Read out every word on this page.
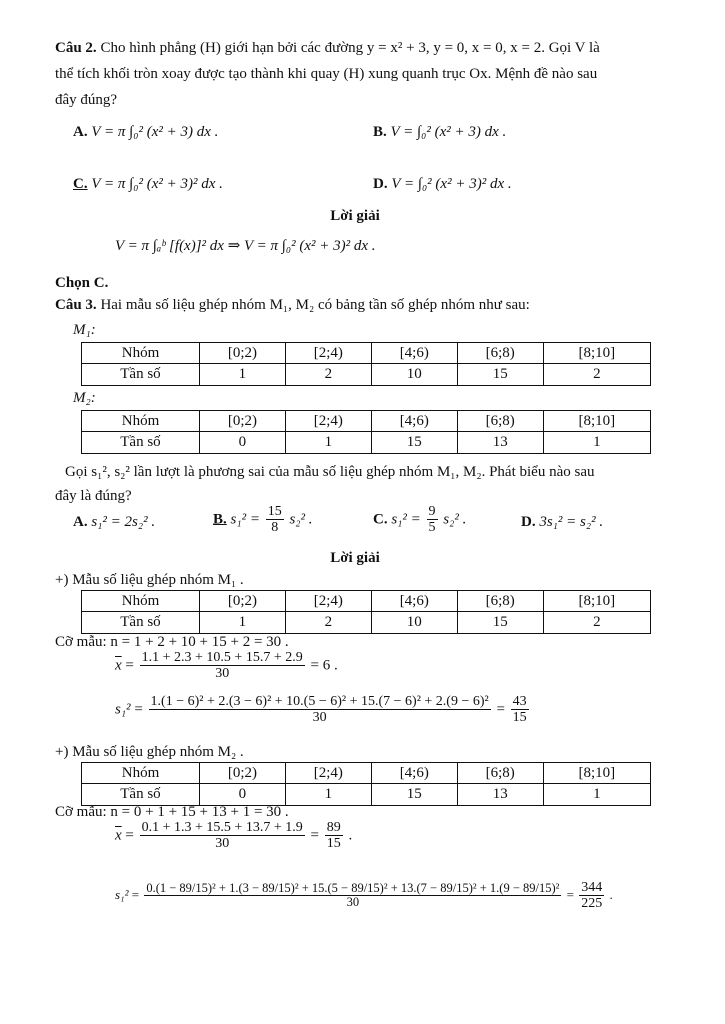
Câu 2. Cho hình phẳng (H) giới hạn bởi các đường y = x² + 3, y = 0, x = 0, x = 2. Gọi V là
thể tích khối tròn xoay được tạo thành khi quay (H) xung quanh trục Ox. Mệnh đề nào sau
đây đúng?
A. V = π ∫₀² (x² + 3) dx .	B. V = ∫₀² (x² + 3) dx .
C. V = π ∫₀² (x² + 3)² dx .	D. V = ∫₀² (x² + 3)² dx .
Lời giải
V = π ∫ₐᵇ [f(x)]² dx ⇒ V = π ∫₀² (x² + 3)² dx .
Chọn C.
Câu 3. Hai mẫu số liệu ghép nhóm M₁, M₂ có bảng tần số ghép nhóm như sau:
M₁:
Nhóm	[0;2)	[2;4)	[4;6)	[6;8)	[8;10]
Tần số	1	2	10	15	2
M₂:
Nhóm	[0;2)	[2;4)	[4;6)	[6;8)	[8;10]
Tần số	0	1	15	13	1
Gọi s₁², s₂² lần lượt là phương sai của mẫu số liệu ghép nhóm M₁, M₂. Phát biểu nào sau
đây là đúng?
A. s₁² = 2s₂² .	B. $s_1^2 = \frac{15}{8} s_2^2$ .	C. $s_1^2 = \frac{9}{5} s_2^2$ .	D. 3s₁² = s₂² .
Lời giải
+) Mẫu số liệu ghép nhóm M₁ .
Nhóm	[0;2)	[2;4)	[4;6)	[6;8)	[8;10]
Tần số	1	2	10	15	2
Cỡ mẫu: n = 1 + 2 + 10 + 15 + 2 = 30 .
$\overline{x} = \frac{1.1 + 2.3 + 10.5 + 15.7 + 2.9}{30} = 6$ .
s₁² = 1.(1 − 6)² + 2.(3 − 6)² + 10.(5 − 6)² + 15.(7 − 6)² + 2.(9 − 6)²
30
= $\frac{43}{15}$
+) Mẫu số liệu ghép nhóm M₂ .
Nhóm	[0;2)	[2;4)	[4;6)	[6;8)	[8;10]
Tần số	0	1	15	13	1
Cỡ mẫu: n = 0 + 1 + 15 + 13 + 1 = 30 .
$\overline{x} = \frac{0.1 + 1.3 + 15.5 + 13.7 + 1.9}{30} = \frac{89}{15}$ .
s₁² = 0.(1 − 89/15)² + 1.(3 − 89/15)² + 15.(5 − 89/15)² + 13.(7 − 89/15)² + 1.(9 − 89/15)²
30
= $\frac{344}{225}$ .
